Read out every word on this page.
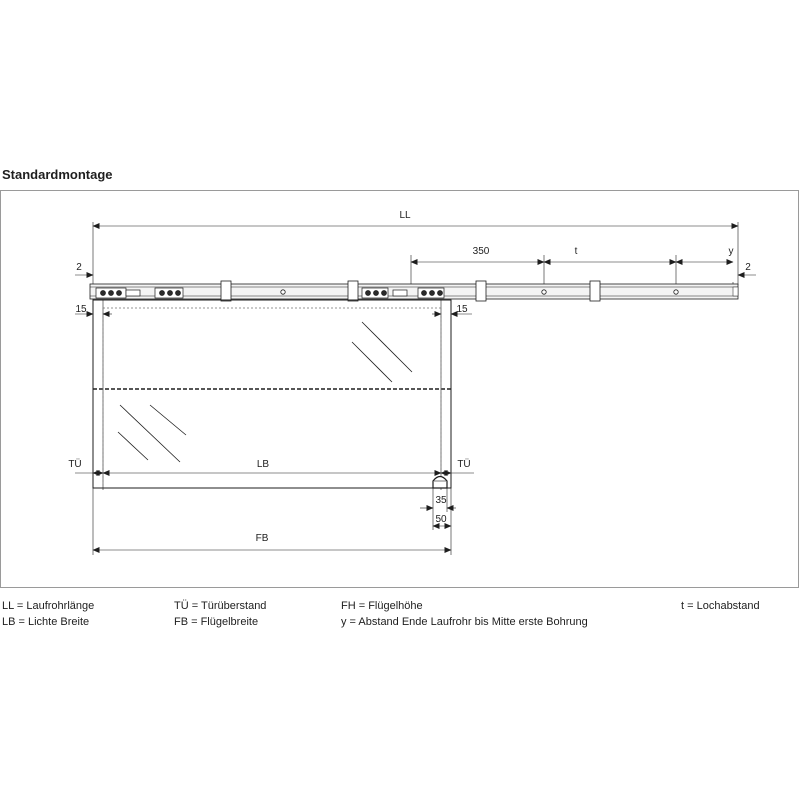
Standardmontage
LL
350	t	y
2	2
15	15
TÜ	TÜ
LB
35
50
FB
LL = Laufrohrlänge
LB = Lichte Breite
TÜ = Türüberstand
FB = Flügelbreite
FH = Flügelhöhe
y = Abstand Ende Laufrohr bis Mitte erste Bohrung
t = Lochabstand
